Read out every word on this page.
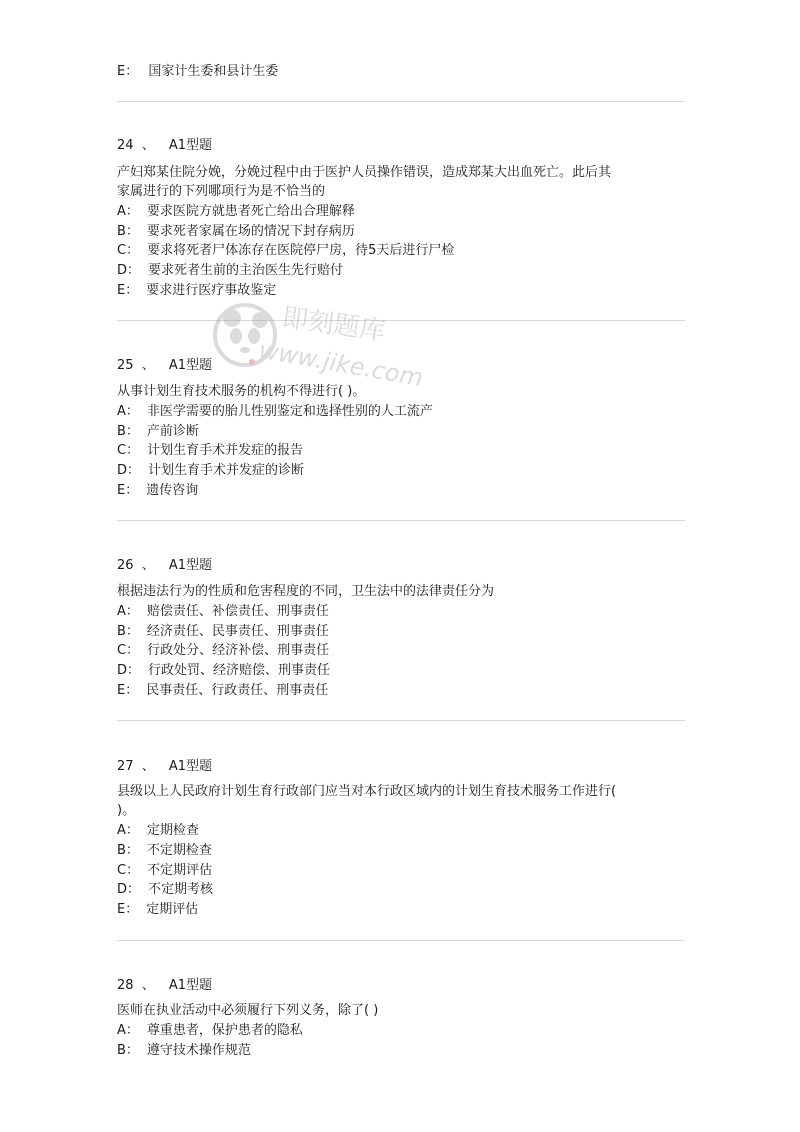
E： 国家计生委和县计生委
24 、 A1型题
产妇郑某住院分娩，分娩过程中由于医护人员操作错误，造成郑某大出血死亡。此后其
家属进行的下列哪项行为是不恰当的
A： 要求医院方就患者死亡给出合理解释
B： 要求死者家属在场的情况下封存病历
C： 要求将死者尸体冻存在医院停尸房，待5天后进行尸检
D： 要求死者生前的主治医生先行赔付
E： 要求进行医疗事故鉴定
25 、 A1型题
从事计划生育技术服务的机构不得进行( )。
A： 非医学需要的胎儿性别鉴定和选择性别的人工流产
B： 产前诊断
C： 计划生育手术并发症的报告
D： 计划生育手术并发症的诊断
E： 遗传咨询
26 、 A1型题
根据违法行为的性质和危害程度的不同，卫生法中的法律责任分为
A： 赔偿责任、补偿责任、刑事责任
B： 经济责任、民事责任、刑事责任
C： 行政处分、经济补偿、刑事责任
D： 行政处罚、经济赔偿、刑事责任
E： 民事责任、行政责任、刑事责任
27 、 A1型题
县级以上人民政府计划生育行政部门应当对本行政区域内的计划生育技术服务工作进行(
)。
A： 定期检查
B： 不定期检查
C： 不定期评估
D： 不定期考核
E： 定期评估
28 、 A1型题
医师在执业活动中必须履行下列义务，除了( )
A： 尊重患者，保护患者的隐私
B： 遵守技术操作规范
即刻题库
www.jike.com
